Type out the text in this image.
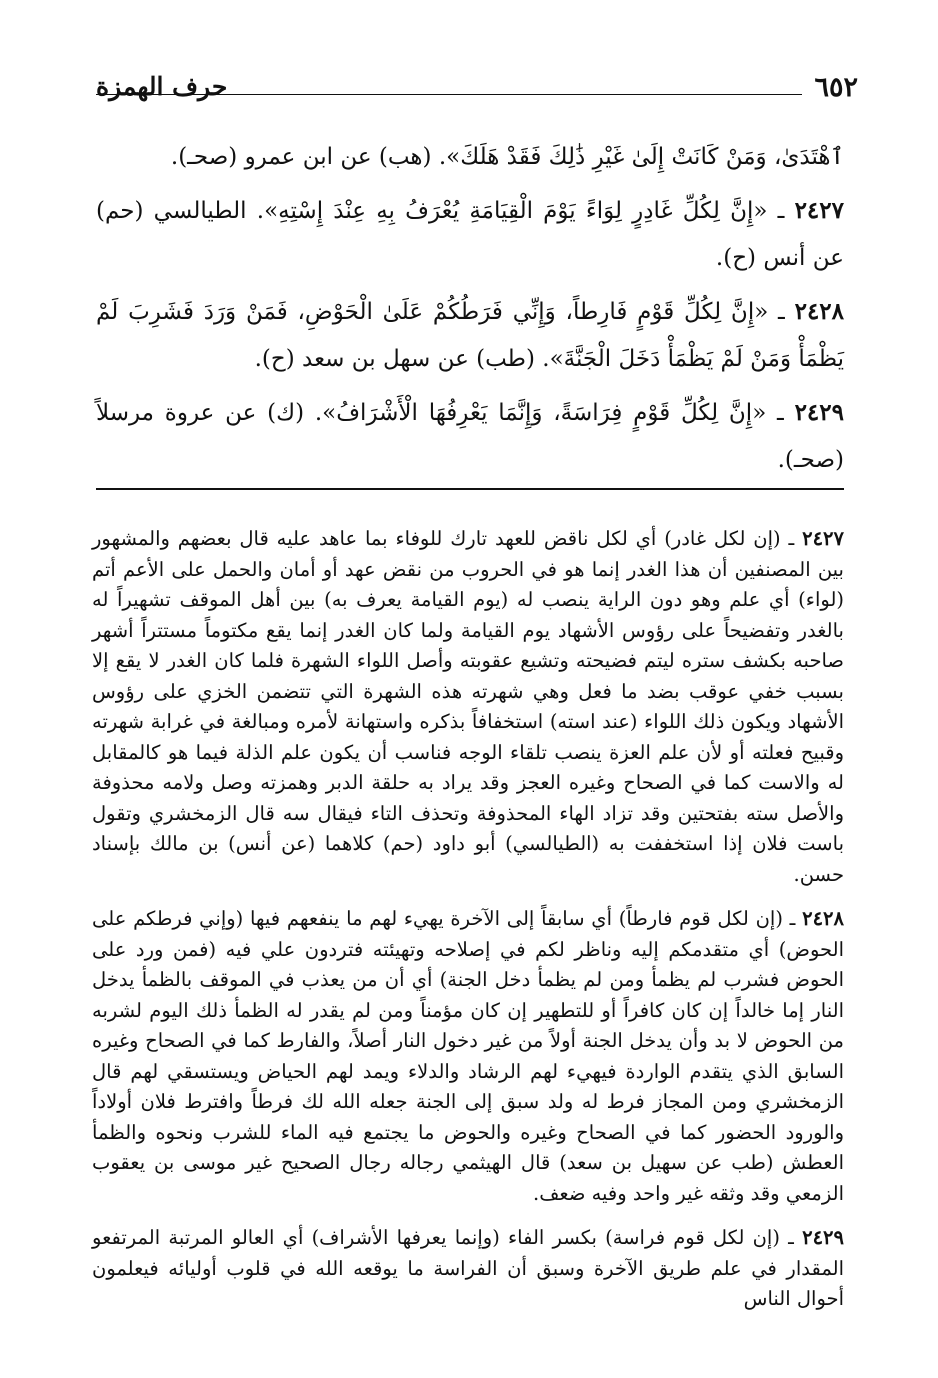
٦٥٢
حرف الهمزة

ٱهْتَدَىٰ، وَمَنْ كَانَتْ إِلَىٰ غَيْرِ ذَٰلِكَ فَقَدْ هَلَكَ». (هب) عن ابن عمرو (صحـ).

٢٤٢٧ ـ «إِنَّ لِكُلِّ غَادِرٍ لِوَاءً يَوْمَ الْقِيَامَةِ يُعْرَفُ بِهِ عِنْدَ إِسْتِهِ». الطيالسي (حم) عن أنس (ح).

٢٤٢٨ ـ «إِنَّ لِكُلِّ قَوْمٍ فَارِطاً، وَإِنِّي فَرَطُكُمْ عَلَىٰ الْحَوْضِ، فَمَنْ وَرَدَ فَشَرِبَ لَمْ يَظْمَأْ وَمَنْ لَمْ يَظْمَأْ دَخَلَ الْجَنَّةَ». (طب) عن سهل بن سعد (ح).

٢٤٢٩ ـ «إِنَّ لِكُلِّ قَوْمٍ فِرَاسَةً، وَإِنَّمَا يَعْرِفُهَا الْأَشْرَافُ». (ك) عن عروة مرسلاً (صحـ).

٢٤٢٧ ـ (إن لكل غادر) أي لكل ناقض للعهد تارك للوفاء بما عاهد عليه قال بعضهم والمشهور بين المصنفين أن هذا الغدر إنما هو في الحروب من نقض عهد أو أمان والحمل على الأعم أتم (لواء) أي علم وهو دون الراية ينصب له (يوم القيامة يعرف به) بين أهل الموقف تشهيراً له بالغدر وتفضيحاً على رؤوس الأشهاد يوم القيامة ولما كان الغدر إنما يقع مكتوماً مستتراً أشهر صاحبه بكشف ستره ليتم فضيحته وتشيع عقوبته وأصل اللواء الشهرة فلما كان الغدر لا يقع إلا بسبب خفي عوقب بضد ما فعل وهي شهرته هذه الشهرة التي تتضمن الخزي على رؤوس الأشهاد ويكون ذلك اللواء (عند استه) استخفافاً بذكره واستهانة لأمره ومبالغة في غرابة شهرته وقبيح فعلته أو لأن علم العزة ينصب تلقاء الوجه فناسب أن يكون علم الذلة فيما هو كالمقابل له والاست كما في الصحاح وغيره العجز وقد يراد به حلقة الدبر وهمزته وصل ولامه محذوفة والأصل سته بفتحتين وقد تزاد الهاء المحذوفة وتحذف التاء فيقال سه قال الزمخشري وتقول باست فلان إذا استخففت به (الطيالسي) أبو داود (حم) كلاهما (عن أنس) بن مالك بإسناد حسن.

٢٤٢٨ ـ (إن لكل قوم فارطاً) أي سابقاً إلى الآخرة يهيء لهم ما ينفعهم فيها (وإني فرطكم على الحوض) أي متقدمكم إليه وناظر لكم في إصلاحه وتهيئته فتردون علي فيه (فمن ورد على الحوض فشرب لم يظمأ ومن لم يظمأ دخل الجنة) أي أن من يعذب في الموقف بالظمأ يدخل النار إما خالداً إن كان كافراً أو للتطهير إن كان مؤمناً ومن لم يقدر له الظمأ ذلك اليوم لشربه من الحوض لا بد وأن يدخل الجنة أولاً من غير دخول النار أصلاً، والفارط كما في الصحاح وغيره السابق الذي يتقدم الواردة فيهيء لهم الرشاد والدلاء ويمد لهم الحياض ويستسقي لهم قال الزمخشري ومن المجاز فرط له ولد سبق إلى الجنة جعله الله لك فرطاً وافترط فلان أولاداً والورود الحضور كما في الصحاح وغيره والحوض ما يجتمع فيه الماء للشرب ونحوه والظمأ العطش (طب عن سهيل بن سعد) قال الهيثمي رجاله رجال الصحيح غير موسى بن يعقوب الزمعي وقد وثقه غير واحد وفيه ضعف.

٢٤٢٩ ـ (إن لكل قوم فراسة) بكسر الفاء (وإنما يعرفها الأشراف) أي العالو المرتبة المرتفعو المقدار في علم طريق الآخرة وسبق أن الفراسة ما يوقعه الله في قلوب أوليائه فيعلمون أحوال الناس
